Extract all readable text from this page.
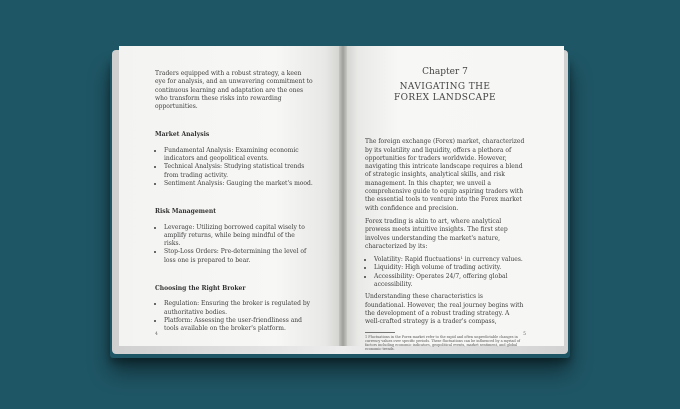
Traders equipped with a robust strategy, a keen eye for analysis, and an unwavering commitment to continuous learning and adaptation are the ones who transform these risks into rewarding opportunities.

Market Analysis
• Fundamental Analysis: Examining economic indicators and geopolitical events.
• Technical Analysis: Studying statistical trends from trading activity.
• Sentiment Analysis: Gauging the market's mood.
Risk Management
• Leverage: Utilizing borrowed capital wisely to amplify returns, while being mindful of the risks.
• Stop-Loss Orders: Pre-determining the level of loss one is prepared to bear.
Choosing the Right Broker
• Regulation: Ensuring the broker is regulated by authoritative bodies.
• Platform: Assessing the user-friendliness and tools available on the broker's platform.
4
Chapter 7
NAVIGATING THE
FOREX LANDSCAPE

The foreign exchange (Forex) market, characterized by its volatility and liquidity, offers a plethora of opportunities for traders worldwide. However, navigating this intricate landscape requires a blend of strategic insights, analytical skills, and risk management. In this chapter, we unveil a comprehensive guide to equip aspiring traders with the essential tools to venture into the Forex market with confidence and precision.

Forex trading is akin to art, where analytical prowess meets intuitive insights. The first step involves understanding the market's nature, characterized by its:

• Volatility: Rapid fluctuations¹ in currency values.
• Liquidity: High volume of trading activity.
• Accessibility: Operates 24/7, offering global accessibility.

Understanding these characteristics is foundational. However, the real journey begins with the development of a robust trading strategy. A well-crafted strategy is a trader's compass,

1 Fluctuations in the Forex market refer to the rapid and often unpredictable changes in currency values over specific periods. These fluctuations can be influenced by a myriad of factors including economic indicators, geopolitical events, market sentiment, and global economic trends.
5
